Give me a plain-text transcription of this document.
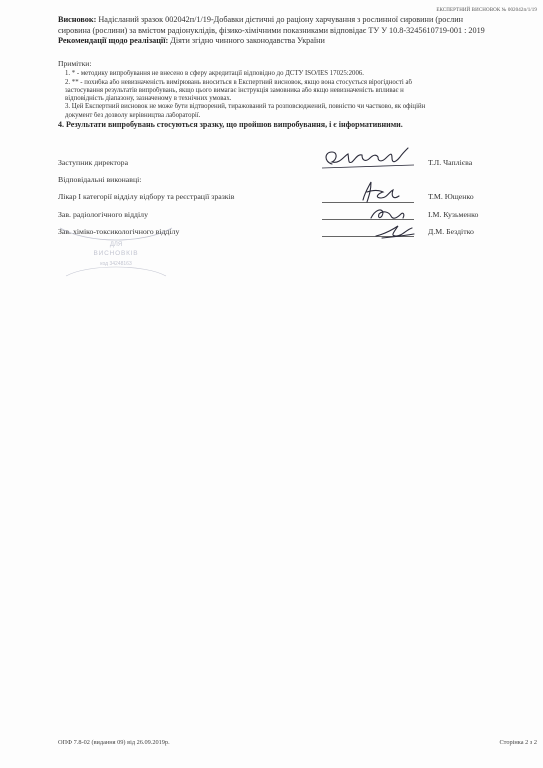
ЕКСПЕРТНИЙ ВИСНОВОК № 002042п/1/19

Висновок: Надісланий зразок 002042п/1/19-Добавки дієтичні до раціону харчування з рослинної сировини (рослин

сировина (рослини) за вмістом радіонуклідів, фізико-хімічними показниками відповідає ТУ У 10.8-3245610719-001 : 2019

Рекомендації щодо реалізації: Діяти згідно чинного законодавства України

Примітки:
1. * - методику випробування не внесено в сферу акредитації відповідно до ДСТУ ISO/IES 17025:2006.
2. ** - похибка або невизначеність вимірювань вноситься в Експертний висновок, якщо вона стосується вірогідності аб
застосування результатів випробувань, якщо цього вимагає інструкція замовника або якщо невизначеність впливає н
відповідність діапазону, зазначеному в технічних умовах.
3. Цей Експертний висновок не може бути відтворений, тиражований та розповсюджений, повністю чи частково, як офіційн
документ без дозволу керівництва лабораторії.
4. Результати випробувань стосуються зразку, що пройшов випробування, і є інформативними.
Заступник директора	Т.Л. Чаплієва
Відповідальні виконавці:
Лікар I категорії відділу відбору та реєстрації зразків	Т.М. Ющенко
Зав. радіологічного відділу	І.М. Кузьменко
Зав. хіміко-токсикологічного відділу	Д.М. Бездітко
ДЛЯ
ВИСНОВКІВ
код 34248163
ОПФ 7.8-02 (видання 09) від 26.09.2019р.	Сторінка 2 з 2
